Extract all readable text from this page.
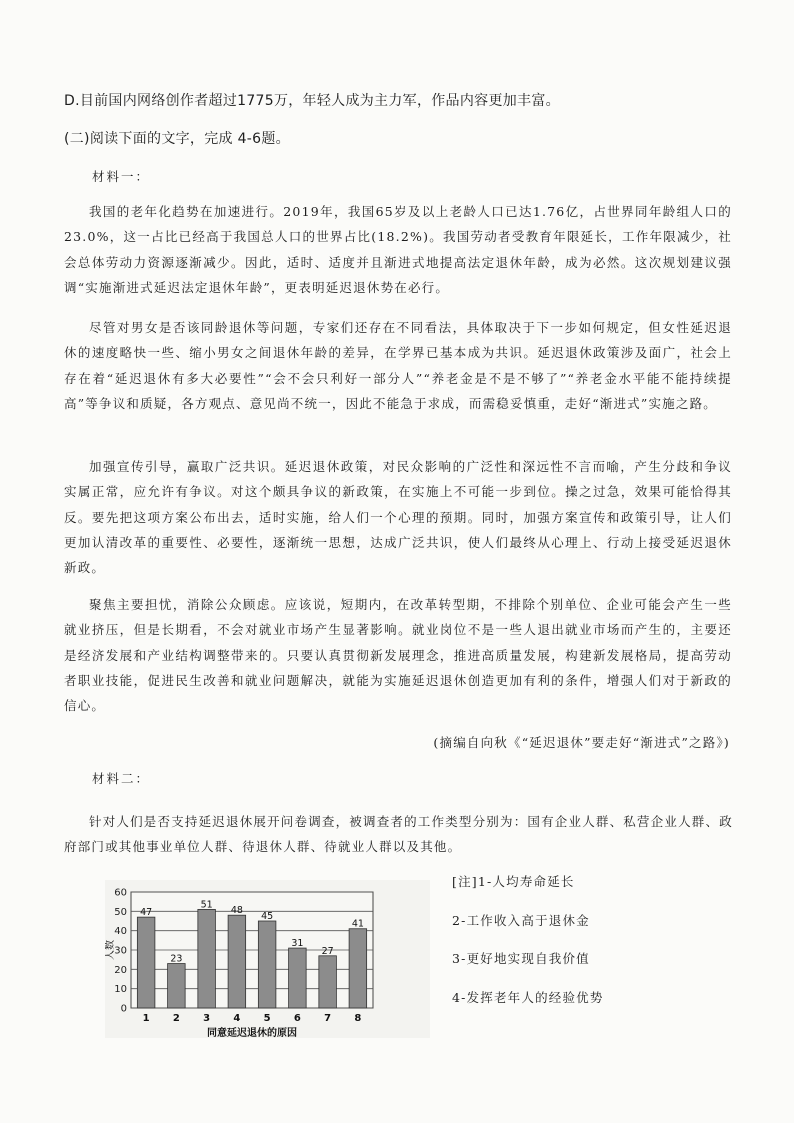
D.目前国内网络创作者超过1775万，年轻人成为主力军，作品内容更加丰富。
(二)阅读下面的文字，完成 4-6题。
材料一：

我国的老年化趋势在加速进行。2019年，我国65岁及以上老龄人口已达1.76亿，占世界同年龄组人口的23.0%，这一占比已经高于我国总人口的世界占比(18.2%)。我国劳动者受教育年限延长，工作年限减少，社会总体劳动力资源逐渐减少。因此，适时、适度并且渐进式地提高法定退休年龄，成为必然。这次规划建议强调“实施渐进式延迟法定退休年龄”，更表明延迟退休势在必行。

尽管对男女是否该同龄退休等问题，专家们还存在不同看法，具体取决于下一步如何规定，但女性延迟退休的速度略快一些、缩小男女之间退休年龄的差异，在学界已基本成为共识。延迟退休政策涉及面广，社会上存在着“延迟退休有多大必要性”“会不会只利好一部分人”“养老金是不是不够了”“养老金水平能不能持续提高”等争议和质疑，各方观点、意见尚不统一，因此不能急于求成，而需稳妥慎重，走好“渐进式”实施之路。

加强宣传引导，赢取广泛共识。延迟退休政策，对民众影响的广泛性和深远性不言而喻，产生分歧和争议实属正常，应允许有争议。对这个颇具争议的新政策，在实施上不可能一步到位。操之过急，效果可能恰得其反。要先把这项方案公布出去，适时实施，给人们一个心理的预期。同时，加强方案宣传和政策引导，让人们更加认清改革的重要性、必要性，逐渐统一思想，达成广泛共识，使人们最终从心理上、行动上接受延迟退休新政。

聚焦主要担忧，消除公众顾虑。应该说，短期内，在改革转型期，不排除个别单位、企业可能会产生一些就业挤压，但是长期看，不会对就业市场产生显著影响。就业岗位不是一些人退出就业市场而产生的，主要还是经济发展和产业结构调整带来的。只要认真贯彻新发展理念，推进高质量发展，构建新发展格局，提高劳动者职业技能，促进民生改善和就业问题解决，就能为实施延迟退休创造更加有利的条件，增强人们对于新政的信心。

(摘编自向秋《“延迟退休”要走好“渐进式”之路》)
材料二：

针对人们是否支持延迟退休展开问卷调查，被调查者的工作类型分别为：国有企业人群、私营企业人群、政府部门或其他事业单位人群、待退休人群、待就业人群以及其他。

0
10
20
30
40
50
60
47
1
23
2
51
3
48
4
45
5
31
6
27
7
41
8
同意延迟退休的原因
人数
[注]1-人均寿命延长
2-工作收入高于退休金
3-更好地实现自我价值
4-发挥老年人的经验优势
